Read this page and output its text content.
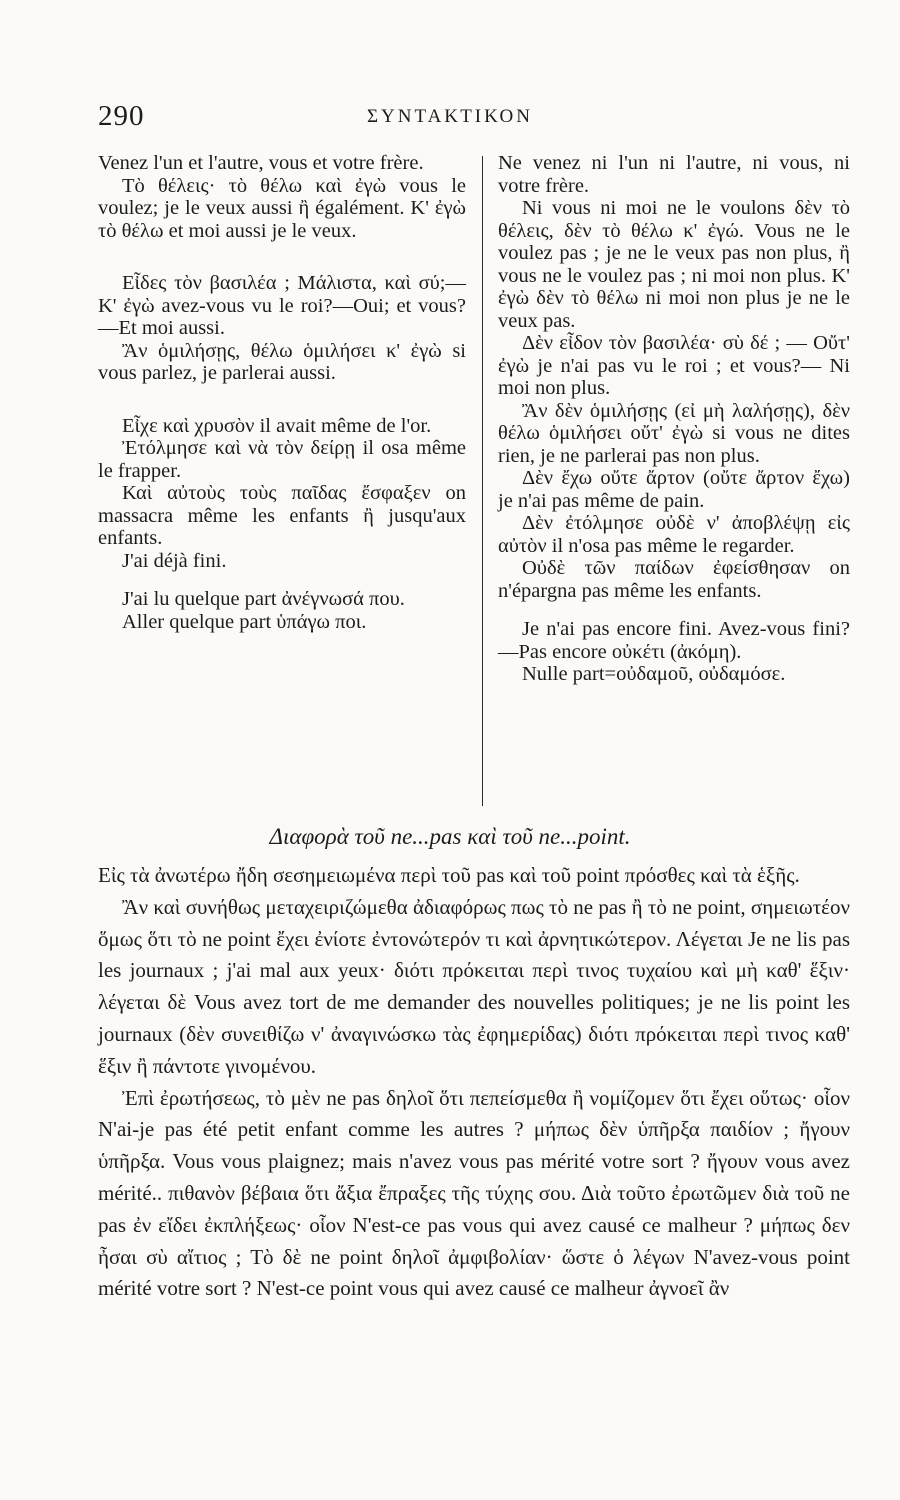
290	ΣΥΝΤΑΚΤΙΚΟΝ

Venez l'un et l'autre, vous et votre frère.

Τὸ θέλεις· τὸ θέλω καὶ ἐγὼ vous le voulez; je le veux aussi ἢ égalément. Κ' ἐγὼ τὸ θέλω et moi aussi je le veux.

Εἶδες τὸν βασιλέα ; Μάλιστα, καὶ σύ;—Κ' ἐγὼ avez-vous vu le roi?—Oui; et vous?—Et moi aussi.

Ἂν ὁμιλήσῃς, θέλω ὁμιλήσει κ' ἐγὼ si vous parlez, je parlerai aussi.

Εἶχε καὶ χρυσὸν il avait même de l'or.

Ἐτόλμησε καὶ νὰ τὸν δείρῃ il osa même le frapper.

Καὶ αὐτοὺς τοὺς παῖδας ἔσφαξεν on massacra même les enfants ἢ jusqu'aux enfants.

J'ai déjà fini.

J'ai lu quelque part ἀνέγνωσά που.

Aller quelque part ὑπάγω ποι.

Ne venez ni l'un ni l'autre, ni vous, ni votre frère.

Ni vous ni moi ne le voulons δὲν τὸ θέλεις, δὲν τὸ θέλω κ' ἐγώ. Vous ne le voulez pas ; je ne le veux pas non plus, ἢ vous ne le voulez pas ; ni moi non plus. Κ' ἐγὼ δὲν τὸ θέλω ni moi non plus je ne le veux pas.

Δὲν εἶδον τὸν βασιλέα· σὺ δέ ; — Οὔτ' ἐγὼ je n'ai pas vu le roi ; et vous?— Ni moi non plus.

Ἂν δὲν ὁμιλήσῃς (εἰ μὴ λαλήσῃς), δὲν θέλω ὁμιλήσει οὔτ' ἐγὼ si vous ne dites rien, je ne parlerai pas non plus.

Δὲν ἔχω οὔτε ἄρτον (οὔτε ἄρτον ἔχω) je n'ai pas même de pain.

Δὲν ἐτόλμησε οὐδὲ ν' ἀποβλέψῃ εἰς αὐτὸν il n'osa pas même le regarder.

Οὐδὲ τῶν παίδων ἐφείσθησαν on n'épargna pas même les enfants.

Je n'ai pas encore fini. Avez-vous fini?—Pas encore οὐκέτι (ἀκόμη).

Nulle part=οὐδαμοῦ, οὐδαμόσε.

Διαφορὰ τοῦ ne...pas καὶ τοῦ ne...point.

Εἰς τὰ ἀνωτέρω ἤδη σεσημειωμένα περὶ τοῦ pas καὶ τοῦ point πρόσθες καὶ τὰ ἑξῆς.

Ἂν καὶ συνήθως μεταχειριζώμεθα ἀδιαφόρως πως τὸ ne pas ἢ τὸ ne point, σημειωτέον ὅμως ὅτι τὸ ne point ἔχει ἐνίοτε ἐντονώτερόν τι καὶ ἀρνητικώτερον. Λέγεται Je ne lis pas les journaux ; j'ai mal aux yeux· διότι πρόκειται περὶ τινος τυχαίου καὶ μὴ καθ' ἕξιν· λέγεται δὲ Vous avez tort de me demander des nouvelles politiques; je ne lis point les journaux (δὲν συνειθίζω ν' ἀναγινώσκω τὰς ἐφημερίδας) διότι πρόκειται περὶ τινος καθ' ἕξιν ἢ πάντοτε γινομένου.

Ἐπὶ ἐρωτήσεως, τὸ μὲν ne pas δηλοῖ ὅτι πεπείσμεθα ἢ νομίζομεν ὅτι ἔχει οὕτως· οἷον N'ai-je pas été petit enfant comme les autres ? μήπως δὲν ὑπῆρξα παιδίον ; ἤγουν ὑπῆρξα. Vous vous plaignez; mais n'avez vous pas mérité votre sort ? ἤγουν vous avez mérité.. πιθανὸν βέβαια ὅτι ἄξια ἔπραξες τῆς τύχης σου. Διὰ τοῦτο ἐρωτῶμεν διὰ τοῦ ne pas ἐν εἴδει ἐκπλήξεως· οἷον N'est-ce pas vous qui avez causé ce malheur ? μήπως δεν ἦσαι σὺ αἴτιος ; Τὸ δὲ ne point δηλοῖ ἀμφιβολίαν· ὥστε ὁ λέγων N'avez-vous point mérité votre sort ? N'est-ce point vous qui avez causé ce malheur ἀγνοεῖ ἂν
